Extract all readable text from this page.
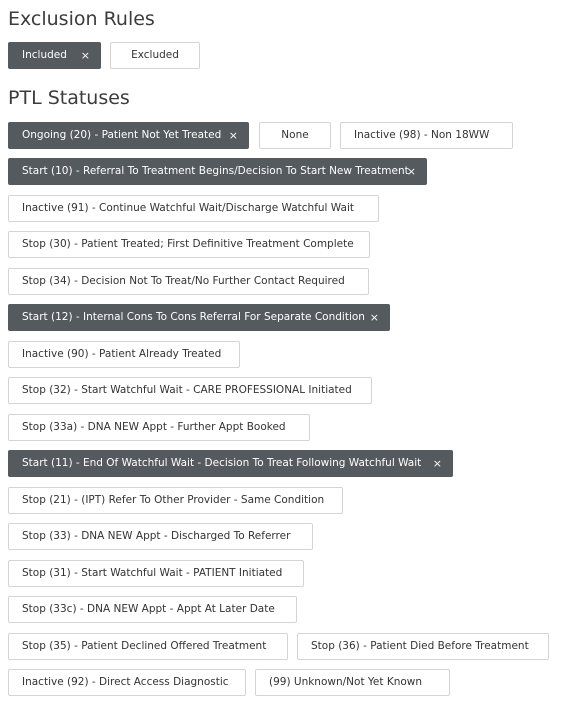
Exclusion Rules
Included ×	Excluded
PTL Statuses
Ongoing (20) - Patient Not Yet Treated ×	None	Inactive (98) - Non 18WW
Start (10) - Referral To Treatment Begins/Decision To Start New Treatment
×
Inactive (91) - Continue Watchful Wait/Discharge Watchful Wait
Stop (30) - Patient Treated; First Definitive Treatment Complete
Stop (34) - Decision Not To Treat/No Further Contact Required
Start (12) - Internal Cons To Cons Referral For Separate Condition ×
Inactive (90) - Patient Already Treated
Stop (32) - Start Watchful Wait - CARE PROFESSIONAL Initiated
Stop (33a) - DNA NEW Appt - Further Appt Booked
Start (11) - End Of Watchful Wait - Decision To Treat Following Watchful Wait ×
Stop (21) - (IPT) Refer To Other Provider - Same Condition
Stop (33) - DNA NEW Appt - Discharged To Referrer
Stop (31) - Start Watchful Wait - PATIENT Initiated
Stop (33c) - DNA NEW Appt - Appt At Later Date
Stop (35) - Patient Declined Offered Treatment	Stop (36) - Patient Died Before Treatment
Inactive (92) - Direct Access Diagnostic	(99) Unknown/Not Yet Known
